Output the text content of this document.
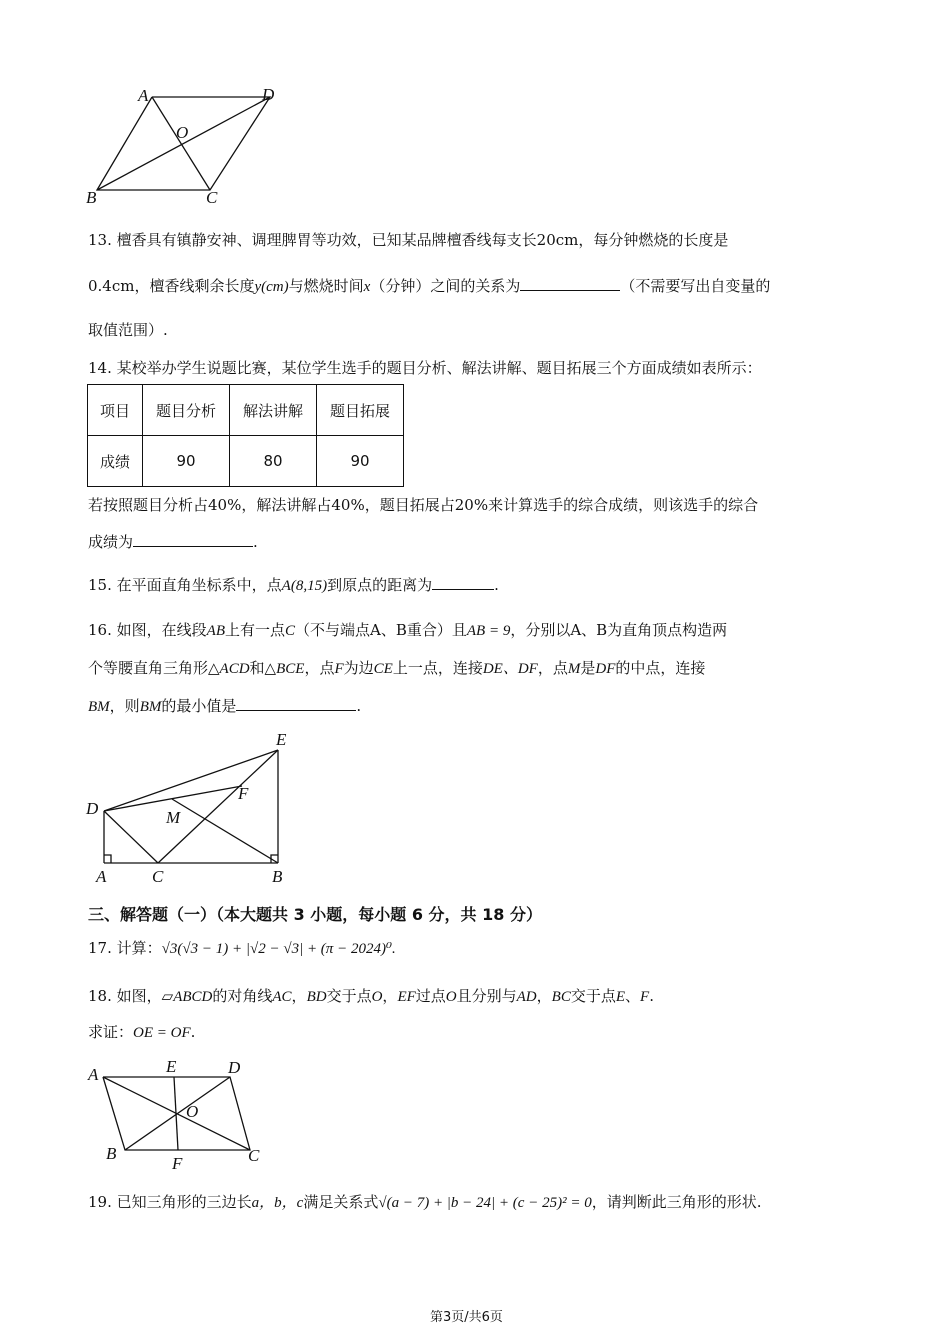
A	D
O
B	C
13. 檀香具有镇静安神、调理脾胃等功效，已知某品牌檀香线每支长20cm，每分钟燃烧的长度是
0.4cm，檀香线剩余长度y(cm)与燃烧时间x（分钟）之间的关系为	（不需要写出自变量的
取值范围）.
14. 某校举办学生说题比赛，某位学生选手的题目分析、解法讲解、题目拓展三个方面成绩如表所示：
项目	题目分析	解法讲解	题目拓展
成绩	90	80	90
若按照题目分析占40%，解法讲解占40%，题目拓展占20%来计算选手的综合成绩，则该选手的综合
成绩为	.
15. 在平面直角坐标系中，点A(8,15)到原点的距离为	.
16. 如图，在线段AB上有一点C（不与端点A、B重合）且AB = 9，分别以A、B为直角顶点构造两
个等腰直角三角形△ACD和△BCE，点F为边CE上一点，连接DE、DF，点M是DF的中点，连接
BM，则BM的最小值是	.
E
D
F
M
A	C	B
三、解答题（一）（本大题共 3 小题，每小题 6 分，共 18 分）
17. 计算：√3(√3 − 1) + |√2 − √3| + (π − 2024)⁰.
18. 如图，▱ABCD的对角线AC，BD交于点O，EF过点O且分别与AD，BC交于点E、F.
求证：OE = OF.
A	E	D
O
B
F	C
19. 已知三角形的三边长a，b，c满足关系式√(a − 7) + |b − 24| + (c − 25)² = 0，请判断此三角形的形状.
第3页/共6页
